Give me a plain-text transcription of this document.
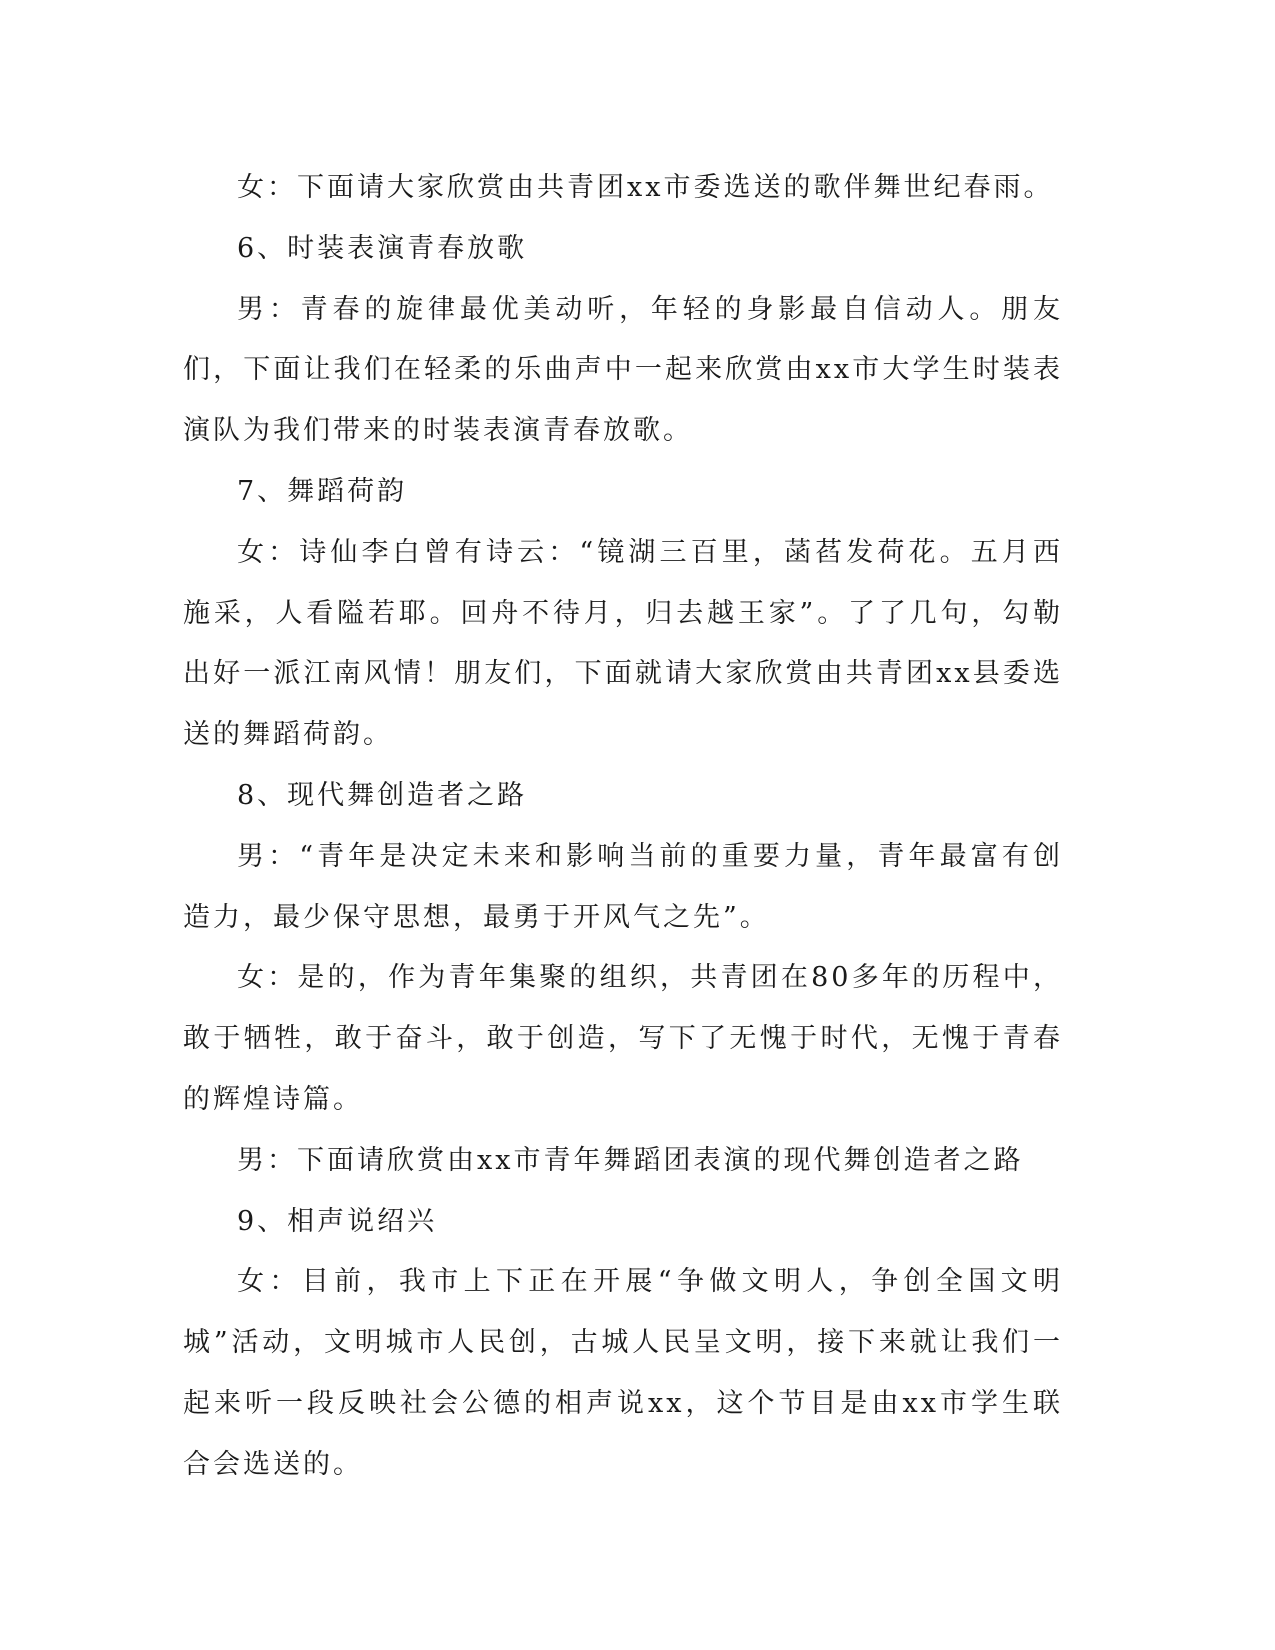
女：下面请大家欣赏由共青团xx市委选送的歌伴舞世纪春雨。

6、时装表演青春放歌

男：青春的旋律最优美动听，年轻的身影最自信动人。朋友们，下面让我们在轻柔的乐曲声中一起来欣赏由xx市大学生时装表演队为我们带来的时装表演青春放歌。

7、舞蹈荷韵

女：诗仙李白曾有诗云：“镜湖三百里，菡萏发荷花。五月西施采，人看隘若耶。回舟不待月，归去越王家”。了了几句，勾勒出好一派江南风情！朋友们，下面就请大家欣赏由共青团xx县委选送的舞蹈荷韵。

8、现代舞创造者之路

男：“青年是决定未来和影响当前的重要力量，青年最富有创造力，最少保守思想，最勇于开风气之先”。

女：是的，作为青年集聚的组织，共青团在80多年的历程中，敢于牺牲，敢于奋斗，敢于创造，写下了无愧于时代，无愧于青春的辉煌诗篇。

男：下面请欣赏由xx市青年舞蹈团表演的现代舞创造者之路

9、相声说绍兴

女：目前，我市上下正在开展“争做文明人，争创全国文明城”活动，文明城市人民创，古城人民呈文明，接下来就让我们一起来听一段反映社会公德的相声说xx，这个节目是由xx市学生联合会选送的。
